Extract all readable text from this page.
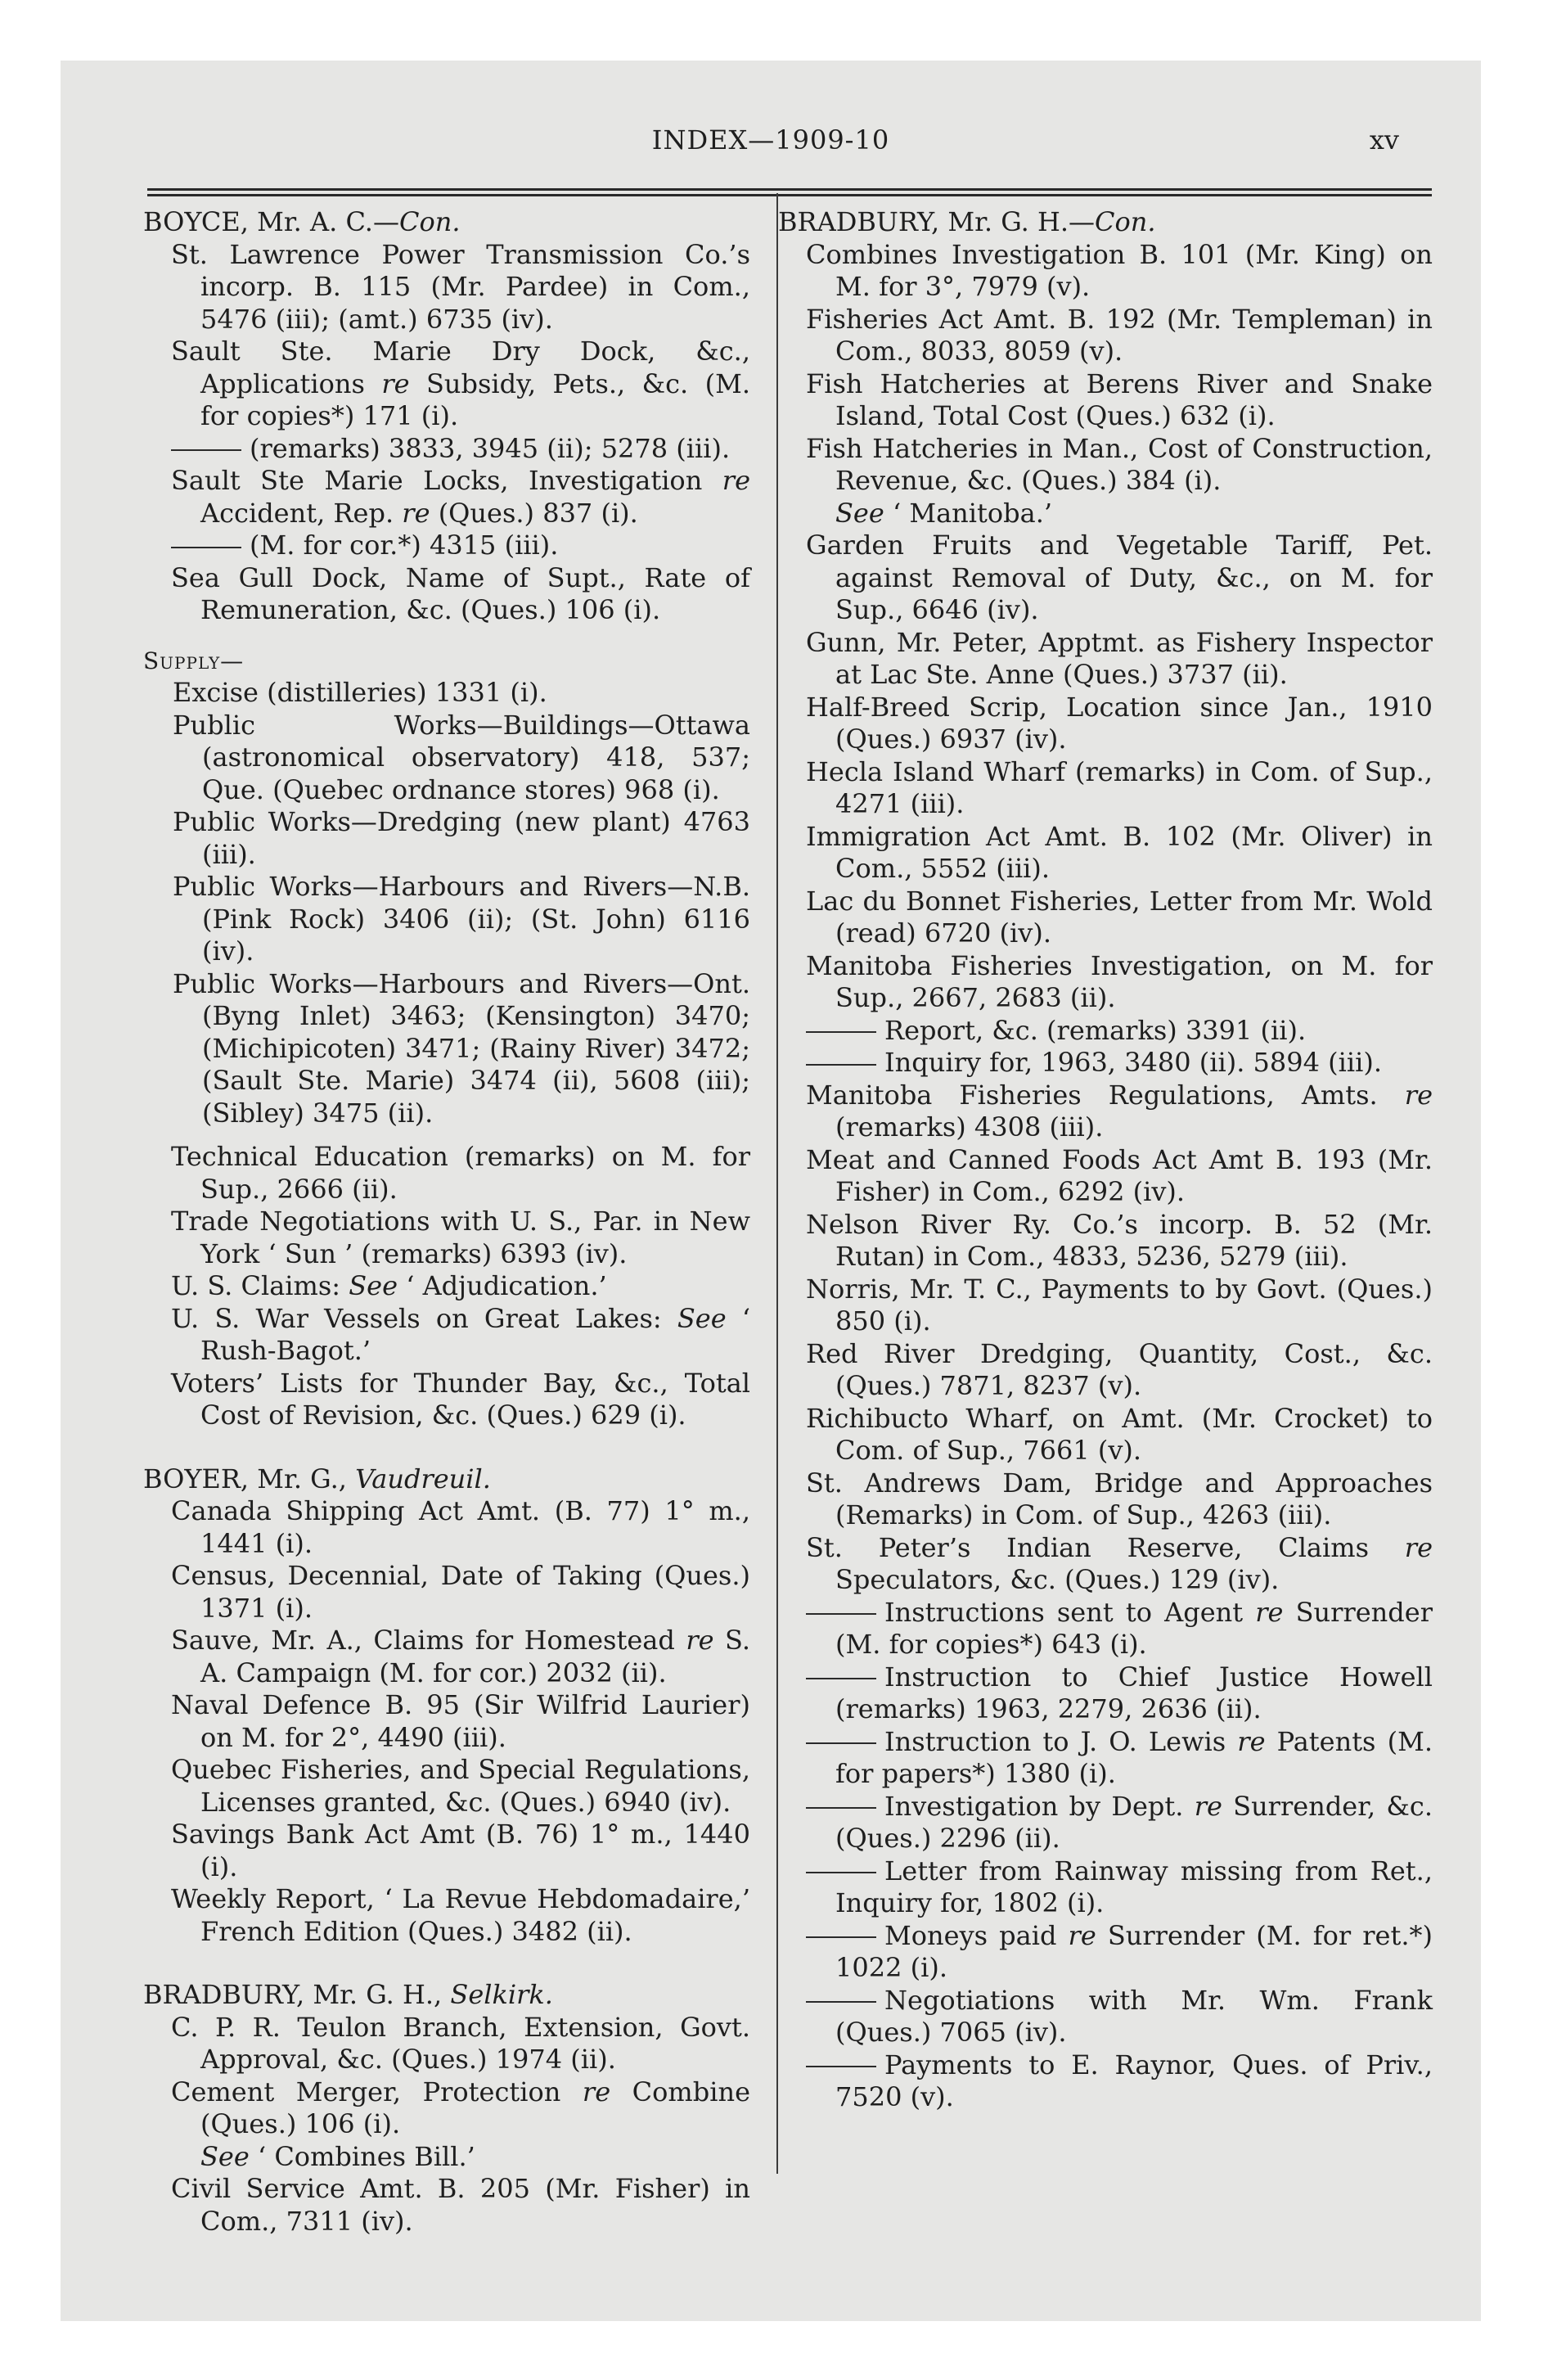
INDEX—1909-10	xv

BOYCE, Mr. A. C.—Con.

St. Lawrence Power Transmission Co.’s incorp. B. 115 (Mr. Pardee) in Com., 5476 (iii); (amt.) 6735 (iv).

Sault Ste. Marie Dry Dock, &c., Applications re Subsidy, Pets., &c. (M. for copies*) 171 (i).

(remarks) 3833, 3945 (ii); 5278 (iii).

Sault Ste Marie Locks, Investigation re Accident, Rep. re (Ques.) 837 (i).

(M. for cor.*) 4315 (iii).

Sea Gull Dock, Name of Supt., Rate of Remuneration, &c. (Ques.) 106 (i).

Supply—

Excise (distilleries) 1331 (i).

Public Works—Buildings—Ottawa (astronomical observatory) 418, 537; Que. (Quebec ordnance stores) 968 (i).

Public Works—Dredging (new plant) 4763 (iii).

Public Works—Harbours and Rivers—N.B. (Pink Rock) 3406 (ii); (St. John) 6116 (iv).

Public Works—Harbours and Rivers—Ont. (Byng Inlet) 3463; (Kensington) 3470; (Michipicoten) 3471; (Rainy River) 3472; (Sault Ste. Marie) 3474 (ii), 5608 (iii); (Sibley) 3475 (ii).

Technical Education (remarks) on M. for Sup., 2666 (ii).

Trade Negotiations with U. S., Par. in New York ‘ Sun ’ (remarks) 6393 (iv).

U. S. Claims: See ‘ Adjudication.’

U. S. War Vessels on Great Lakes: See ‘ Rush-Bagot.’

Voters’ Lists for Thunder Bay, &c., Total Cost of Revision, &c. (Ques.) 629 (i).

BOYER, Mr. G., Vaudreuil.

Canada Shipping Act Amt. (B. 77) 1° m., 1441 (i).

Census, Decennial, Date of Taking (Ques.) 1371 (i).

Sauve, Mr. A., Claims for Homestead re S. A. Campaign (M. for cor.) 2032 (ii).

Naval Defence B. 95 (Sir Wilfrid Laurier) on M. for 2°, 4490 (iii).

Quebec Fisheries, and Special Regulations, Licenses granted, &c. (Ques.) 6940 (iv).

Savings Bank Act Amt (B. 76) 1° m., 1440 (i).

Weekly Report, ‘ La Revue Hebdomadaire,’ French Edition (Ques.) 3482 (ii).

BRADBURY, Mr. G. H., Selkirk.

C. P. R. Teulon Branch, Extension, Govt. Approval, &c. (Ques.) 1974 (ii).

Cement Merger, Protection re Combine (Ques.) 106 (i).

See ‘ Combines Bill.’

Civil Service Amt. B. 205 (Mr. Fisher) in Com., 7311 (iv).

BRADBURY, Mr. G. H.—Con.

Combines Investigation B. 101 (Mr. King) on M. for 3°, 7979 (v).

Fisheries Act Amt. B. 192 (Mr. Templeman) in Com., 8033, 8059 (v).

Fish Hatcheries at Berens River and Snake Island, Total Cost (Ques.) 632 (i).

Fish Hatcheries in Man., Cost of Construction, Revenue, &c. (Ques.) 384 (i).

See ‘ Manitoba.’

Garden Fruits and Vegetable Tariff, Pet. against Removal of Duty, &c., on M. for Sup., 6646 (iv).

Gunn, Mr. Peter, Apptmt. as Fishery Inspector at Lac Ste. Anne (Ques.) 3737 (ii).

Half-Breed Scrip, Location since Jan., 1910 (Ques.) 6937 (iv).

Hecla Island Wharf (remarks) in Com. of Sup., 4271 (iii).

Immigration Act Amt. B. 102 (Mr. Oliver) in Com., 5552 (iii).

Lac du Bonnet Fisheries, Letter from Mr. Wold (read) 6720 (iv).

Manitoba Fisheries Investigation, on M. for Sup., 2667, 2683 (ii).

Report, &c. (remarks) 3391 (ii).

Inquiry for, 1963, 3480 (ii). 5894 (iii).

Manitoba Fisheries Regulations, Amts. re (remarks) 4308 (iii).

Meat and Canned Foods Act Amt B. 193 (Mr. Fisher) in Com., 6292 (iv).

Nelson River Ry. Co.’s incorp. B. 52 (Mr. Rutan) in Com., 4833, 5236, 5279 (iii).

Norris, Mr. T. C., Payments to by Govt. (Ques.) 850 (i).

Red River Dredging, Quantity, Cost., &c. (Ques.) 7871, 8237 (v).

Richibucto Wharf, on Amt. (Mr. Crocket) to Com. of Sup., 7661 (v).

St. Andrews Dam, Bridge and Approaches (Remarks) in Com. of Sup., 4263 (iii).

St. Peter’s Indian Reserve, Claims re Speculators, &c. (Ques.) 129 (iv).

Instructions sent to Agent re Surrender (M. for copies*) 643 (i).

Instruction to Chief Justice Howell (remarks) 1963, 2279, 2636 (ii).

Instruction to J. O. Lewis re Patents (M. for papers*) 1380 (i).

Investigation by Dept. re Surrender, &c. (Ques.) 2296 (ii).

Letter from Rainway missing from Ret., Inquiry for, 1802 (i).

Moneys paid re Surrender (M. for ret.*) 1022 (i).

Negotiations with Mr. Wm. Frank (Ques.) 7065 (iv).

Payments to E. Raynor, Ques. of Priv., 7520 (v).
